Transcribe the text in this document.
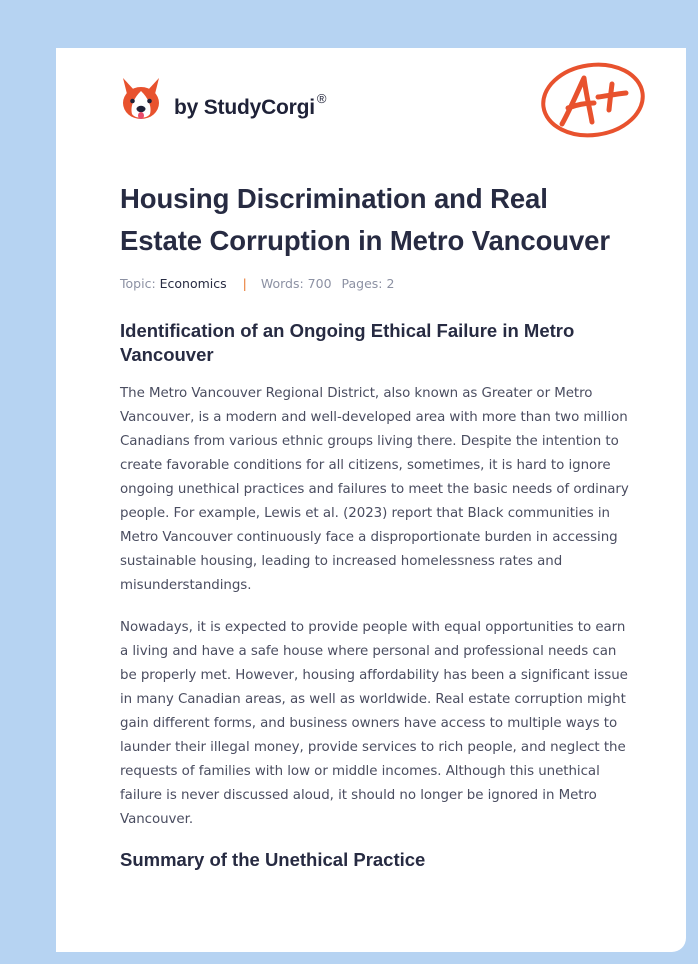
by StudyCorgi ®
Housing Discrimination and Real Estate Corruption in Metro Vancouver
Topic: Economics | Words: 700 Pages: 2
Identification of an Ongoing Ethical Failure in Metro Vancouver

The Metro Vancouver Regional District, also known as Greater or Metro Vancouver, is a modern and well-developed area with more than two million Canadians from various ethnic groups living there. Despite the intention to create favorable conditions for all citizens, sometimes, it is hard to ignore ongoing unethical practices and failures to meet the basic needs of ordinary people. For example, Lewis et al. (2023) report that Black communities in Metro Vancouver continuously face a disproportionate burden in accessing sustainable housing, leading to increased homelessness rates and misunderstandings.

Nowadays, it is expected to provide people with equal opportunities to earn a living and have a safe house where personal and professional needs can be properly met. However, housing affordability has been a significant issue in many Canadian areas, as well as worldwide. Real estate corruption might gain different forms, and business owners have access to multiple ways to launder their illegal money, provide services to rich people, and neglect the requests of families with low or middle incomes. Although this unethical failure is never discussed aloud, it should no longer be ignored in Metro Vancouver.

Summary of the Unethical Practice
